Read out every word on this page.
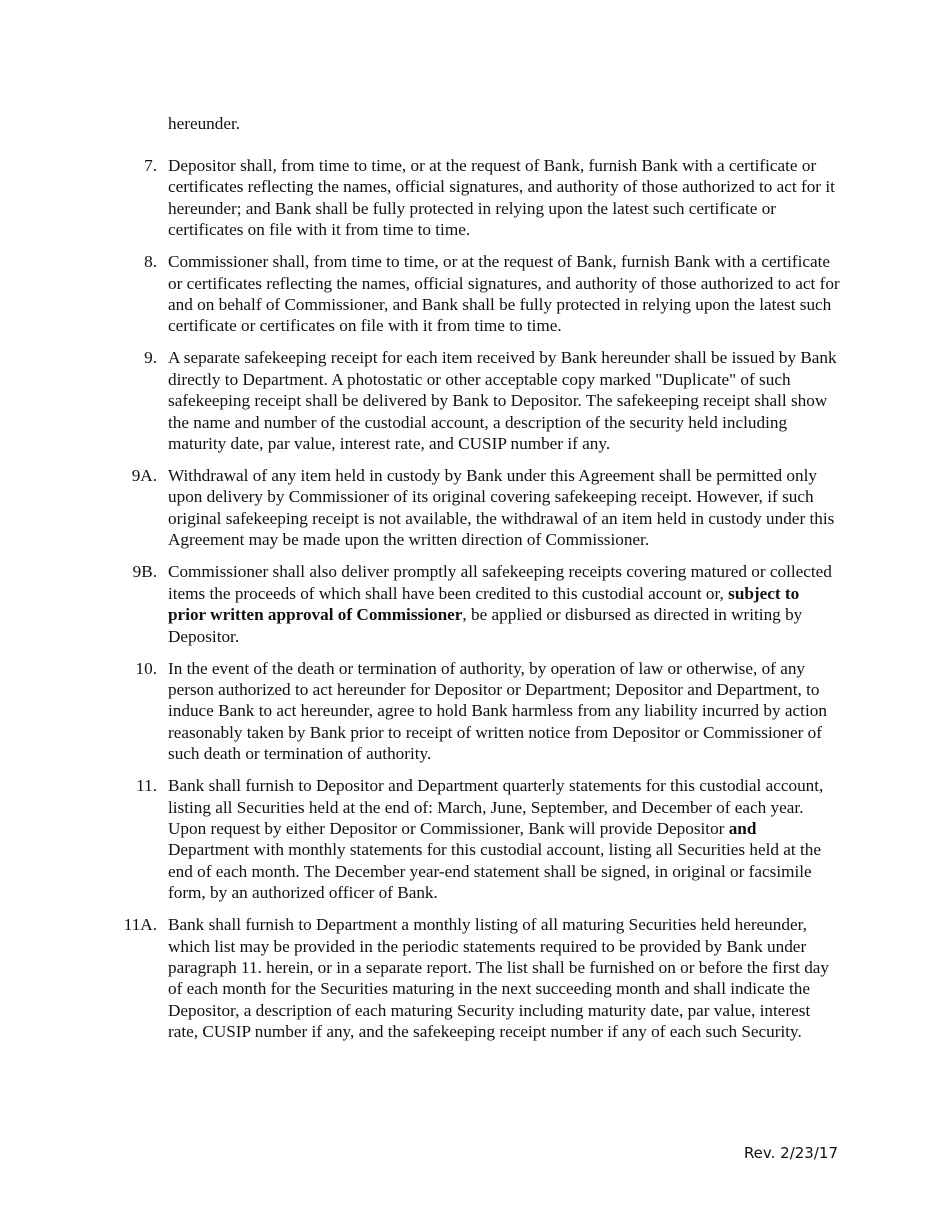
hereunder.
7. Depositor shall, from time to time, or at the request of Bank, furnish Bank with a certificate or certificates reflecting the names, official signatures, and authority of those authorized to act for it hereunder; and Bank shall be fully protected in relying upon the latest such certificate or certificates on file with it from time to time.
8. Commissioner shall, from time to time, or at the request of Bank, furnish Bank with a certificate or certificates reflecting the names, official signatures, and authority of those authorized to act for and on behalf of Commissioner, and Bank shall be fully protected in relying upon the latest such certificate or certificates on file with it from time to time.
9. A separate safekeeping receipt for each item received by Bank hereunder shall be issued by Bank directly to Department. A photostatic or other acceptable copy marked "Duplicate" of such safekeeping receipt shall be delivered by Bank to Depositor. The safekeeping receipt shall show the name and number of the custodial account, a description of the security held including maturity date, par value, interest rate, and CUSIP number if any.
9A. Withdrawal of any item held in custody by Bank under this Agreement shall be permitted only upon delivery by Commissioner of its original covering safekeeping receipt. However, if such original safekeeping receipt is not available, the withdrawal of an item held in custody under this Agreement may be made upon the written direction of Commissioner.
9B. Commissioner shall also deliver promptly all safekeeping receipts covering matured or collected items the proceeds of which shall have been credited to this custodial account or, subject to prior written approval of Commissioner, be applied or disbursed as directed in writing by Depositor.
10. In the event of the death or termination of authority, by operation of law or otherwise, of any person authorized to act hereunder for Depositor or Department; Depositor and Department, to induce Bank to act hereunder, agree to hold Bank harmless from any liability incurred by action reasonably taken by Bank prior to receipt of written notice from Depositor or Commissioner of such death or termination of authority.
11. Bank shall furnish to Depositor and Department quarterly statements for this custodial account, listing all Securities held at the end of: March, June, September, and December of each year. Upon request by either Depositor or Commissioner, Bank will provide Depositor and Department with monthly statements for this custodial account, listing all Securities held at the end of each month. The December year-end statement shall be signed, in original or facsimile form, by an authorized officer of Bank.
11A. Bank shall furnish to Department a monthly listing of all maturing Securities held hereunder, which list may be provided in the periodic statements required to be provided by Bank under paragraph 11. herein, or in a separate report. The list shall be furnished on or before the first day of each month for the Securities maturing in the next succeeding month and shall indicate the Depositor, a description of each maturing Security including maturity date, par value, interest rate, CUSIP number if any, and the safekeeping receipt number if any of each such Security.
Rev. 2/23/17
